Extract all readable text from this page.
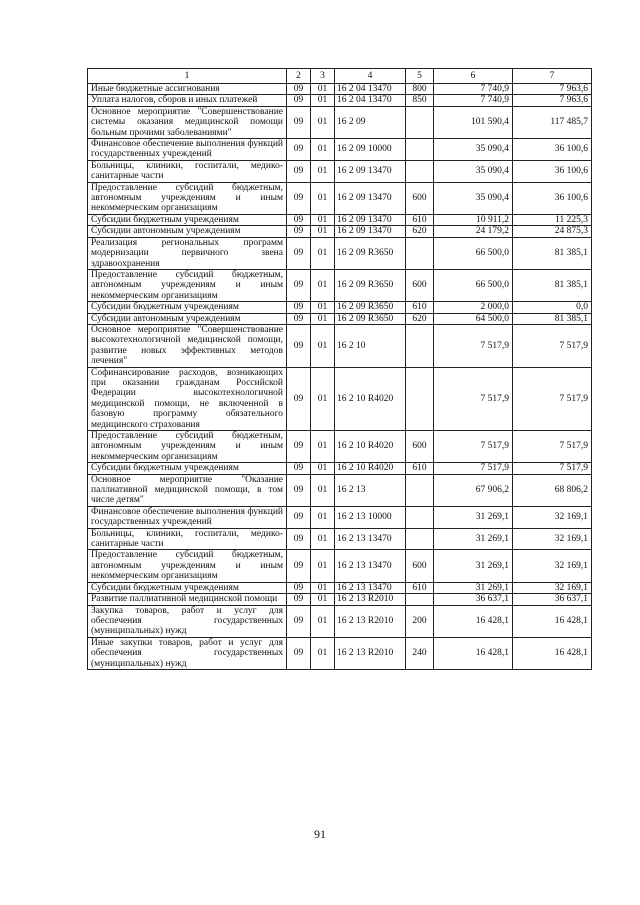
1	2	3	4	5	6	7
Иные бюджетные ассигнования	09	01	16 2 04 13470	800	7 740,9	7 963,6
Уплата налогов, сборов и иных платежей	09	01	16 2 04 13470	850	7 740,9	7 963,6
Основное мероприятие "Совершенствование системы оказания медицинской помощи больным прочими заболеваниями"	09	01	16 2 09		101 590,4	117 485,7
Финансовое обеспечение выполнения функций государственных учреждений	09	01	16 2 09 10000		35 090,4	36 100,6
Больницы, клиники, госпитали, медико-санитарные части	09	01	16 2 09 13470		35 090,4	36 100,6
Предоставление субсидий бюджетным, автономным учреждениям и иным некоммерческим организациям	09	01	16 2 09 13470	600	35 090,4	36 100,6
Субсидии бюджетным учреждениям	09	01	16 2 09 13470	610	10 911,2	11 225,3
Субсидии автономным учреждениям	09	01	16 2 09 13470	620	24 179,2	24 875,3
Реализация региональных программ модернизации первичного звена здравоохранения	09	01	16 2 09 R3650		66 500,0	81 385,1
Предоставление субсидий бюджетным, автономным учреждениям и иным некоммерческим организациям	09	01	16 2 09 R3650	600	66 500,0	81 385,1
Субсидии бюджетным учреждениям	09	01	16 2 09 R3650	610	2 000,0	0,0
Субсидии автономным учреждениям	09	01	16 2 09 R3650	620	64 500,0	81 385,1
Основное мероприятие "Совершенствование высокотехнологичной медицинской помощи, развитие новых эффективных методов лечения"	09	01	16 2 10		7 517,9	7 517,9
Софинансирование расходов, возникающих при оказании гражданам Российской Федерации высокотехнологичной медицинской помощи, не включенной в базовую программу обязательного медицинского страхования	09	01	16 2 10 R4020		7 517,9	7 517,9
Предоставление субсидий бюджетным, автономным учреждениям и иным некоммерческим организациям	09	01	16 2 10 R4020	600	7 517,9	7 517,9
Субсидии бюджетным учреждениям	09	01	16 2 10 R4020	610	7 517,9	7 517,9
Основное мероприятие "Оказание паллиативной медицинской помощи, в том числе детям"	09	01	16 2 13		67 906,2	68 806,2
Финансовое обеспечение выполнения функций государственных учреждений	09	01	16 2 13 10000		31 269,1	32 169,1
Больницы, клиники, госпитали, медико-санитарные части	09	01	16 2 13 13470		31 269,1	32 169,1
Предоставление субсидий бюджетным, автономным учреждениям и иным некоммерческим организациям	09	01	16 2 13 13470	600	31 269,1	32 169,1
Субсидии бюджетным учреждениям	09	01	16 2 13 13470	610	31 269,1	32 169,1
Развитие паллиативной медицинской помощи	09	01	16 2 13 R2010		36 637,1	36 637,1
Закупка товаров, работ и услуг для обеспечения государственных (муниципальных) нужд	09	01	16 2 13 R2010	200	16 428,1	16 428,1
Иные закупки товаров, работ и услуг для обеспечения государственных (муниципальных) нужд	09	01	16 2 13 R2010	240	16 428,1	16 428,1
91
